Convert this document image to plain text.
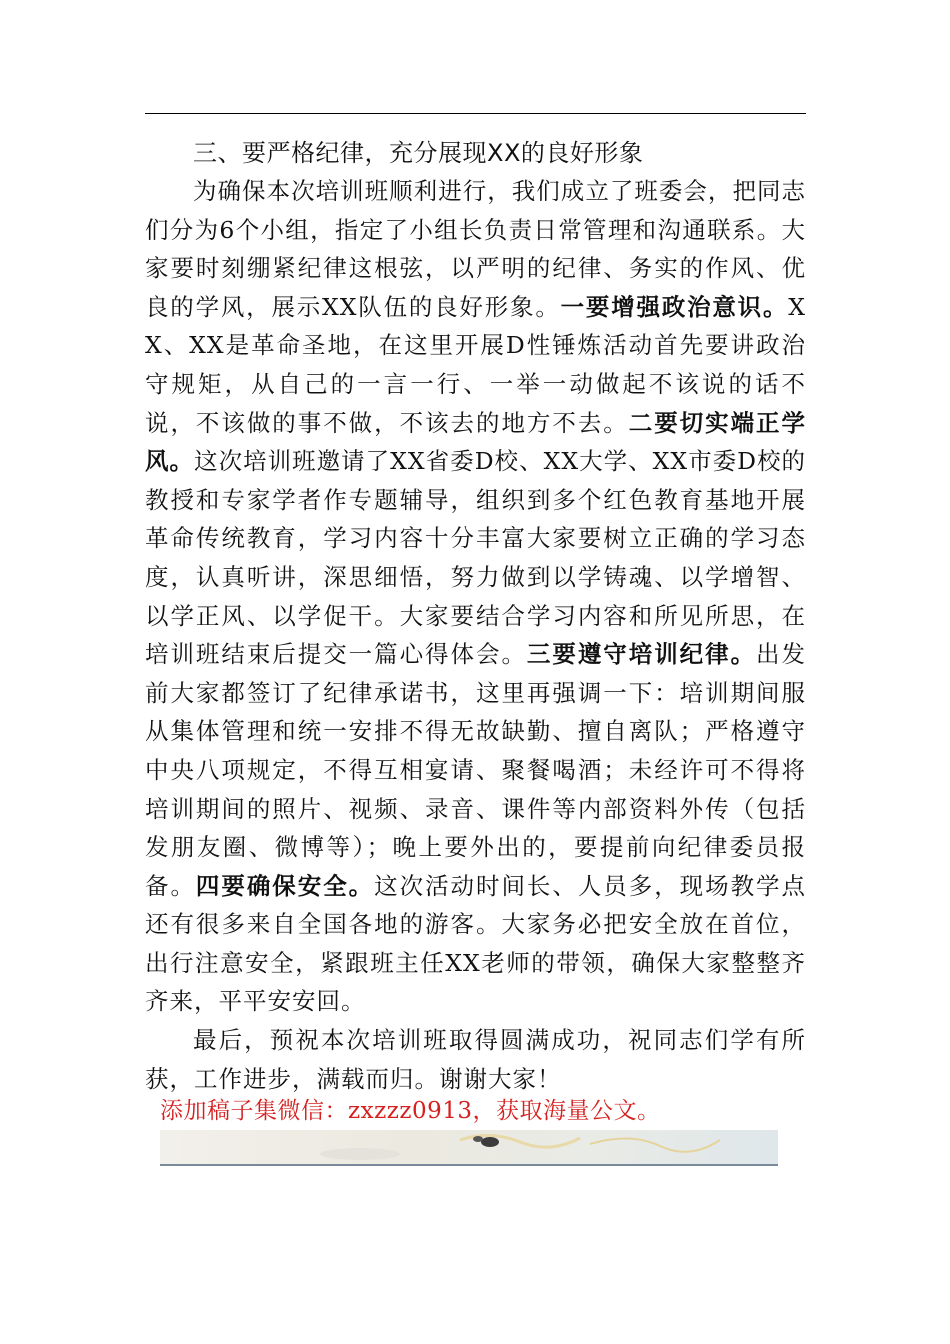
三、要严格纪律，充分展现XX的良好形象

为确保本次培训班顺利进行，我们成立了班委会，把同志们分为6个小组，指定了小组长负责日常管理和沟通联系。大家要时刻绷紧纪律这根弦，以严明的纪律、务实的作风、优良的学风，展示XX队伍的良好形象。一要增强政治意识。XX、XX是革命圣地，在这里开展D性锤炼活动首先要讲政治守规矩，从自己的一言一行、一举一动做起不该说的话不说，不该做的事不做，不该去的地方不去。二要切实端正学风。这次培训班邀请了XX省委D校、XX大学、XX市委D校的教授和专家学者作专题辅导，组织到多个红色教育基地开展革命传统教育，学习内容十分丰富大家要树立正确的学习态度，认真听讲，深思细悟，努力做到以学铸魂、以学增智、以学正风、以学促干。大家要结合学习内容和所见所思，在培训班结束后提交一篇心得体会。三要遵守培训纪律。出发前大家都签订了纪律承诺书，这里再强调一下：培训期间服从集体管理和统一安排不得无故缺勤、擅自离队；严格遵守中央八项规定，不得互相宴请、聚餐喝酒；未经许可不得将培训期间的照片、视频、录音、课件等内部资料外传（包括发朋友圈、微博等）；晚上要外出的，要提前向纪律委员报备。四要确保安全。这次活动时间长、人员多，现场教学点还有很多来自全国各地的游客。大家务必把安全放在首位，出行注意安全，紧跟班主任XX老师的带领，确保大家整整齐齐来，平平安安回。

最后，预祝本次培训班取得圆满成功，祝同志们学有所获，工作进步，满载而归。谢谢大家！

添加稿子集微信：zxzzz0913，获取海量公文。
